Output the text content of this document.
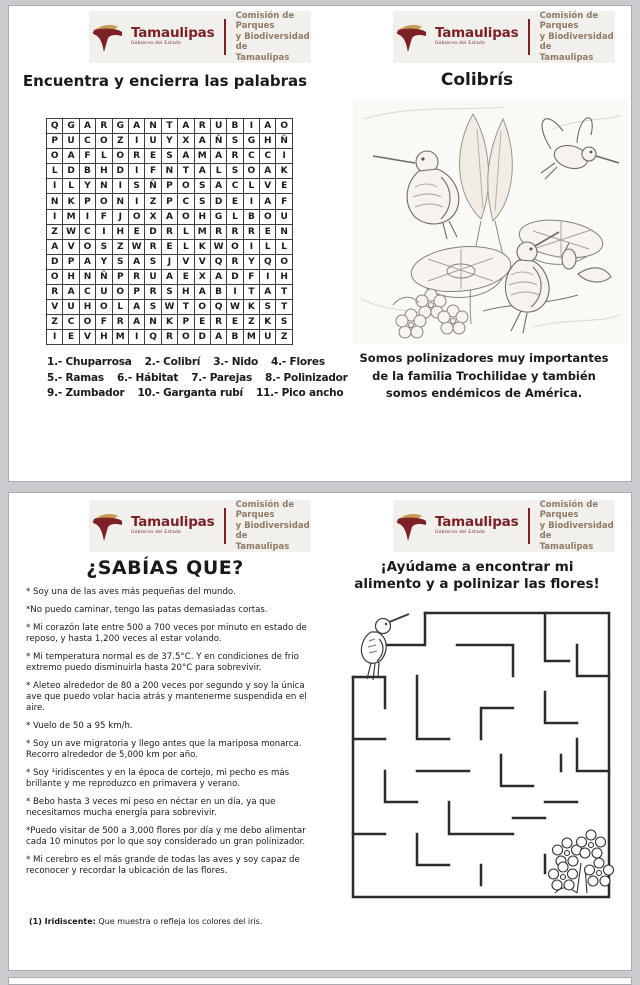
Tamaulipas
Gobierno del Estado
Comisión de Parques
y Biodiversidad de
Tamaulipas
Tamaulipas
Gobierno del Estado
Comisión de Parques
y Biodiversidad de
Tamaulipas
Encuentra y encierra las palabras
Q G	A	R	G	A	N	T	A	R	U	B	I	A	O
P	U	C	O	Z	I	U	Y	X	A	Ñ	S	G H Ñ
O	A	F	L	O	R	E	S	A M A	R	C	C	I
L	D	B	H D	I	F	N	T	A	L	S	O	A	K
I	L	Y	N	I	S	Ñ	P	O	S	A	C	L	V	E
N	K	P	O N	I	Z	P	C	S	D	E	I	A	F
I	M	I	F	J	O	X	A	O H G	L	B	O U
Z W C	I	H	E	D	R	L	M R	R	R	E	N
A	V	O	S	Z W R	E	L	K W O	I	L	L
D	P	A	Y	S	A	S	J	V	V	Q	R	Y	Q O
O H N Ñ	P	R	U	A	E	X	A	D	F	I	H
R	A	C	U O	P	R	S	H	A	B	I	T	A	T
V	U H O	L	A	S W T	O Q W K	S	T
Z	C	O	F	R	A	N	K	P	E	R	E	Z	K	S
I	E	V	H M	I	Q	R	O D	A	B M U	Z
1.- Chuparrosa 2.- Colibrí 3.- Nido 4.- Flores
5.- Ramas 6.- Hábitat 7.- Parejas 8.- Polinizador
9.- Zumbador 10.- Garganta rubí 11.- Pico ancho
Colibrís
Somos polinizadores muy importantes
de la familia Trochilidae y también
somos endémicos de América.
Tamaulipas
Gobierno del Estado
Comisión de Parques
y Biodiversidad de
Tamaulipas
Tamaulipas
Gobierno del Estado
Comisión de Parques
y Biodiversidad de
Tamaulipas
¿SABÍAS QUE?

* Soy una de las aves más pequeñas del mundo.

*No puedo caminar, tengo las patas demasiadas cortas.

* Mi corazón late entre 500 a 700 veces por minuto en estado de reposo, y hasta 1,200 veces al estar volando.

* Mi temperatura normal es de 37.5°C. Y en condiciones de frio extremo puedo disminuirla hasta 20°C para sobrevivir.

* Aleteo alrededor de 80 a 200 veces por segundo y soy la única ave que puedo volar hacia atrás y mantenerme suspendida en el aire.

* Vuelo de 50 a 95 km/h.

* Soy un ave migratoria y llego antes que la mariposa monarca. Recorro alrededor de 5,000 km por año.

* Soy ¹iridiscentes y en la época de cortejo, mi pecho es más brillante y me reproduzco en primavera y verano.

* Bebo hasta 3 veces mi peso en néctar en un día, ya que necesitamos mucha energía para sobrevivir.

*Puedo visitar de 500 a 3,000 flores por día y me debo alimentar cada 10 minutos por lo que soy considerado un gran polinizador.

* Mi cerebro es el más grande de todas las aves y soy capaz de reconocer y recordar la ubicación de las flores.

(1) Iridiscente: Que muestra o refleja los colores del iris.
¡Ayúdame a encontrar mi
alimento y a polinizar las flores!
